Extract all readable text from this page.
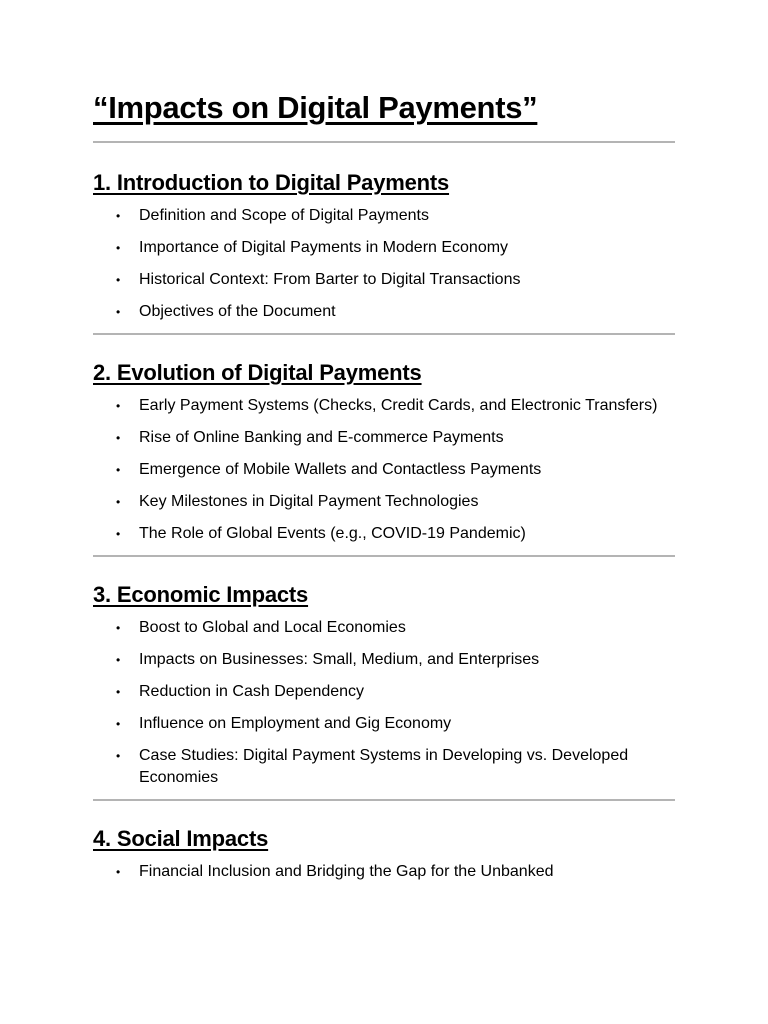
“Impacts on Digital Payments”
1. Introduction to Digital Payments
• Definition and Scope of Digital Payments
• Importance of Digital Payments in Modern Economy
• Historical Context: From Barter to Digital Transactions
• Objectives of the Document
2. Evolution of Digital Payments
• Early Payment Systems (Checks, Credit Cards, and Electronic Transfers)
• Rise of Online Banking and E-commerce Payments
• Emergence of Mobile Wallets and Contactless Payments
• Key Milestones in Digital Payment Technologies
• The Role of Global Events (e.g., COVID-19 Pandemic)
3. Economic Impacts
• Boost to Global and Local Economies
• Impacts on Businesses: Small, Medium, and Enterprises
• Reduction in Cash Dependency
• Influence on Employment and Gig Economy
• Case Studies: Digital Payment Systems in Developing vs. Developed Economies
4. Social Impacts
• Financial Inclusion and Bridging the Gap for the Unbanked
